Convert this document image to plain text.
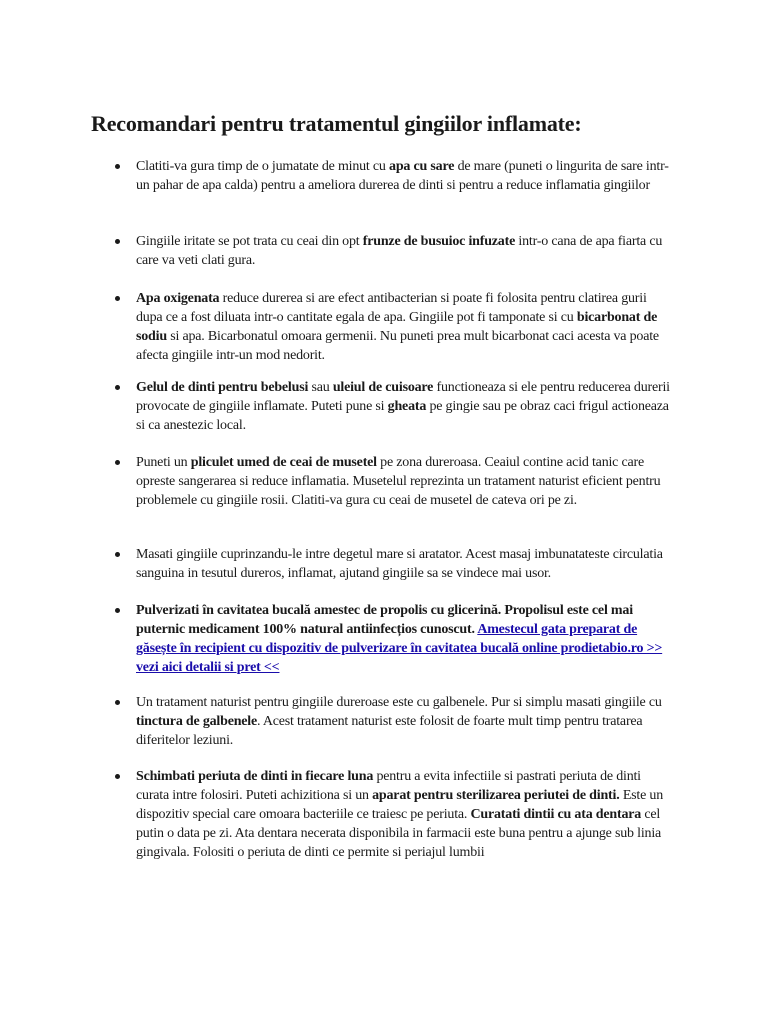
Recomandari pentru tratamentul gingiilor inflamate:
Clatiti-va gura timp de o jumatate de minut cu apa cu sare de mare (puneti o lingurita de sare intr-un pahar de apa calda) pentru a ameliora durerea de dinti si pentru a reduce inflamatia gingiilor
Gingiile iritate se pot trata cu ceai din opt frunze de busuioc infuzate intr-o cana de apa fiarta cu care va veti clati gura.
Apa oxigenata reduce durerea si are efect antibacterian si poate fi folosita pentru clatirea gurii dupa ce a fost diluata intr-o cantitate egala de apa. Gingiile pot fi tamponate si cu bicarbonat de sodiu si apa. Bicarbonatul omoara germenii. Nu puneti prea mult bicarbonat caci acesta va poate afecta gingiile intr-un mod nedorit.
Gelul de dinti pentru bebelusi sau uleiul de cuisoare functioneaza si ele pentru reducerea durerii provocate de gingiile inflamate. Puteti pune si gheata pe gingie sau pe obraz caci frigul actioneaza si ca anestezic local.
Puneti un pliculet umed de ceai de musetel pe zona dureroasa. Ceaiul contine acid tanic care opreste sangerarea si reduce inflamatia. Musetelul reprezinta un tratament naturist eficient pentru problemele cu gingiile rosii. Clatiti-va gura cu ceai de musetel de cateva ori pe zi.
Masati gingiile cuprinzandu-le intre degetul mare si aratator. Acest masaj imbunatateste circulatia sanguina in tesutul dureros, inflamat, ajutand gingiile sa se vindece mai usor.
Pulverizati în cavitatea bucală amestec de propolis cu glicerină. Propolisul este cel mai puternic medicament 100% natural antiinfecțios cunoscut. Amestecul gata preparat de găsește în recipient cu dispozitiv de pulverizare în cavitatea bucală online prodietabio.ro >> vezi aici detalii si pret <<
Un tratament naturist pentru gingiile dureroase este cu galbenele. Pur si simplu masati gingiile cu tinctura de galbenele. Acest tratament naturist este folosit de foarte mult timp pentru tratarea diferitelor leziuni.
Schimbati periuta de dinti in fiecare luna pentru a evita infectiile si pastrati periuta de dinti curata intre folosiri. Puteti achizitiona si un aparat pentru sterilizarea periutei de dinti. Este un dispozitiv special care omoara bacteriile ce traiesc pe periuta. Curatati dintii cu ata dentara cel putin o data pe zi. Ata dentara necerata disponibila in farmacii este buna pentru a ajunge sub linia gingivala. Folositi o periuta de dinti ce permite si periajul lumbii
